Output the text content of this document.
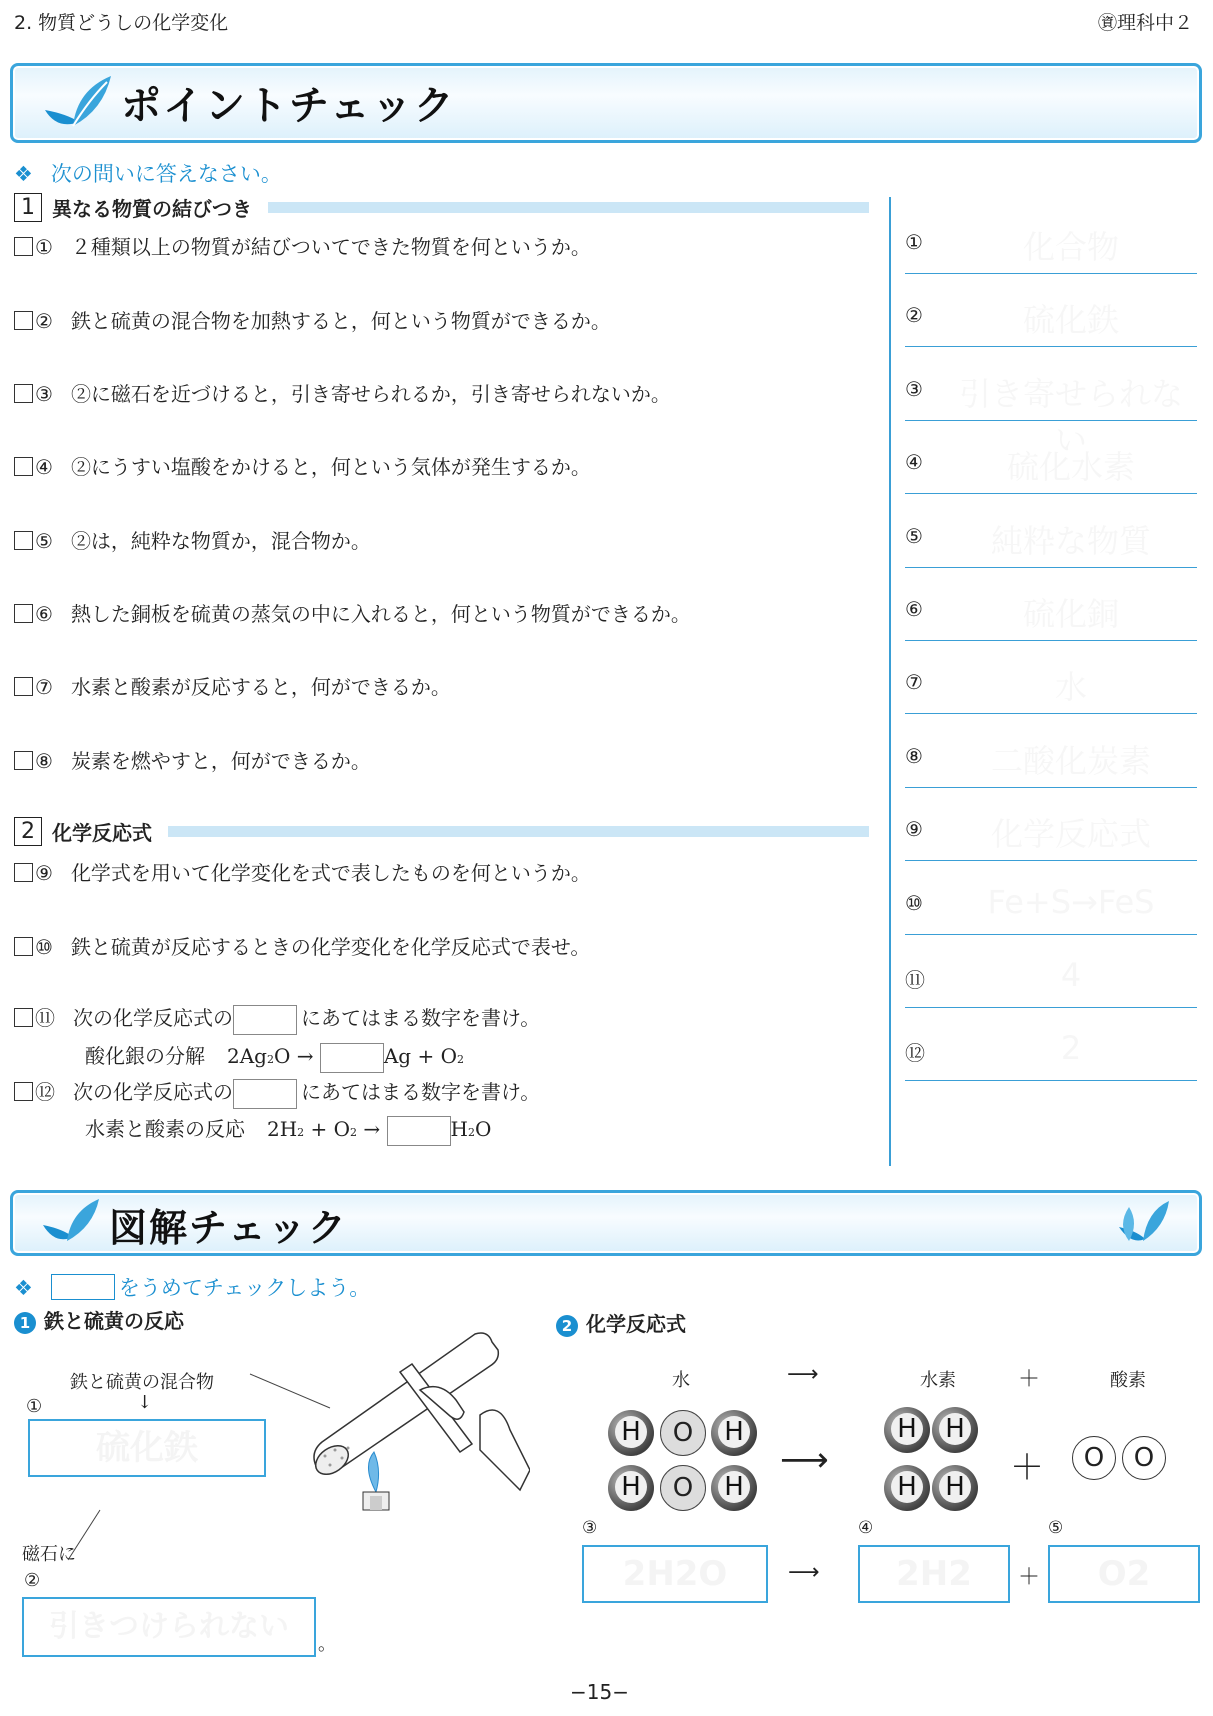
2. 物質どうしの化学変化	㊮理科中２
ポイントチェック
❖ 次の問いに答えなさい。
1 異なる物質の結びつき
① ２種類以上の物質が結びついてできた物質を何というか。
② 鉄と硫黄の混合物を加熱すると，何という物質ができるか。
③ ②に磁石を近づけると，引き寄せられるか，引き寄せられないか。
④ ②にうすい塩酸をかけると，何という気体が発生するか。
⑤ ②は，純粋な物質か，混合物か。
⑥ 熱した銅板を硫黄の蒸気の中に入れると，何という物質ができるか。
⑦ 水素と酸素が反応すると，何ができるか。
⑧ 炭素を燃やすと，何ができるか。
2 化学反応式
⑨ 化学式を用いて化学変化を式で表したものを何というか。
⑩ 鉄と硫黄が反応するときの化学変化を化学反応式で表せ。
⑪ 次の化学反応式の	にあてはまる数字を書け。
酸化銀の分解 2Ag2O →	Ag + O2
⑫ 次の化学反応式の	にあてはまる数字を書け。
水素と酸素の反応 2H2 + O2 →	H2O
①	化合物
②	硫化鉄
③	引き寄せられない
④	硫化水素
⑤	純粋な物質
⑥	硫化銅
⑦	水
⑧	二酸化炭素
⑨	化学反応式
⑩	Fe+S→FeS
⑪	4
⑫	2
図解チェック
❖	をうめてチェックしよう。
1 鉄と硫黄の反応
鉄と硫黄の混合物
↓
①
硫化鉄
磁石に
②
引きつけられない
。
2 化学反応式
水	⟶	水素	＋	酸素
H	O	H
H	O	H
⟶
H	H
H	H	＋	O	O
③	④	⑤
2H2O	⟶	2H2	＋	O2
−15−
